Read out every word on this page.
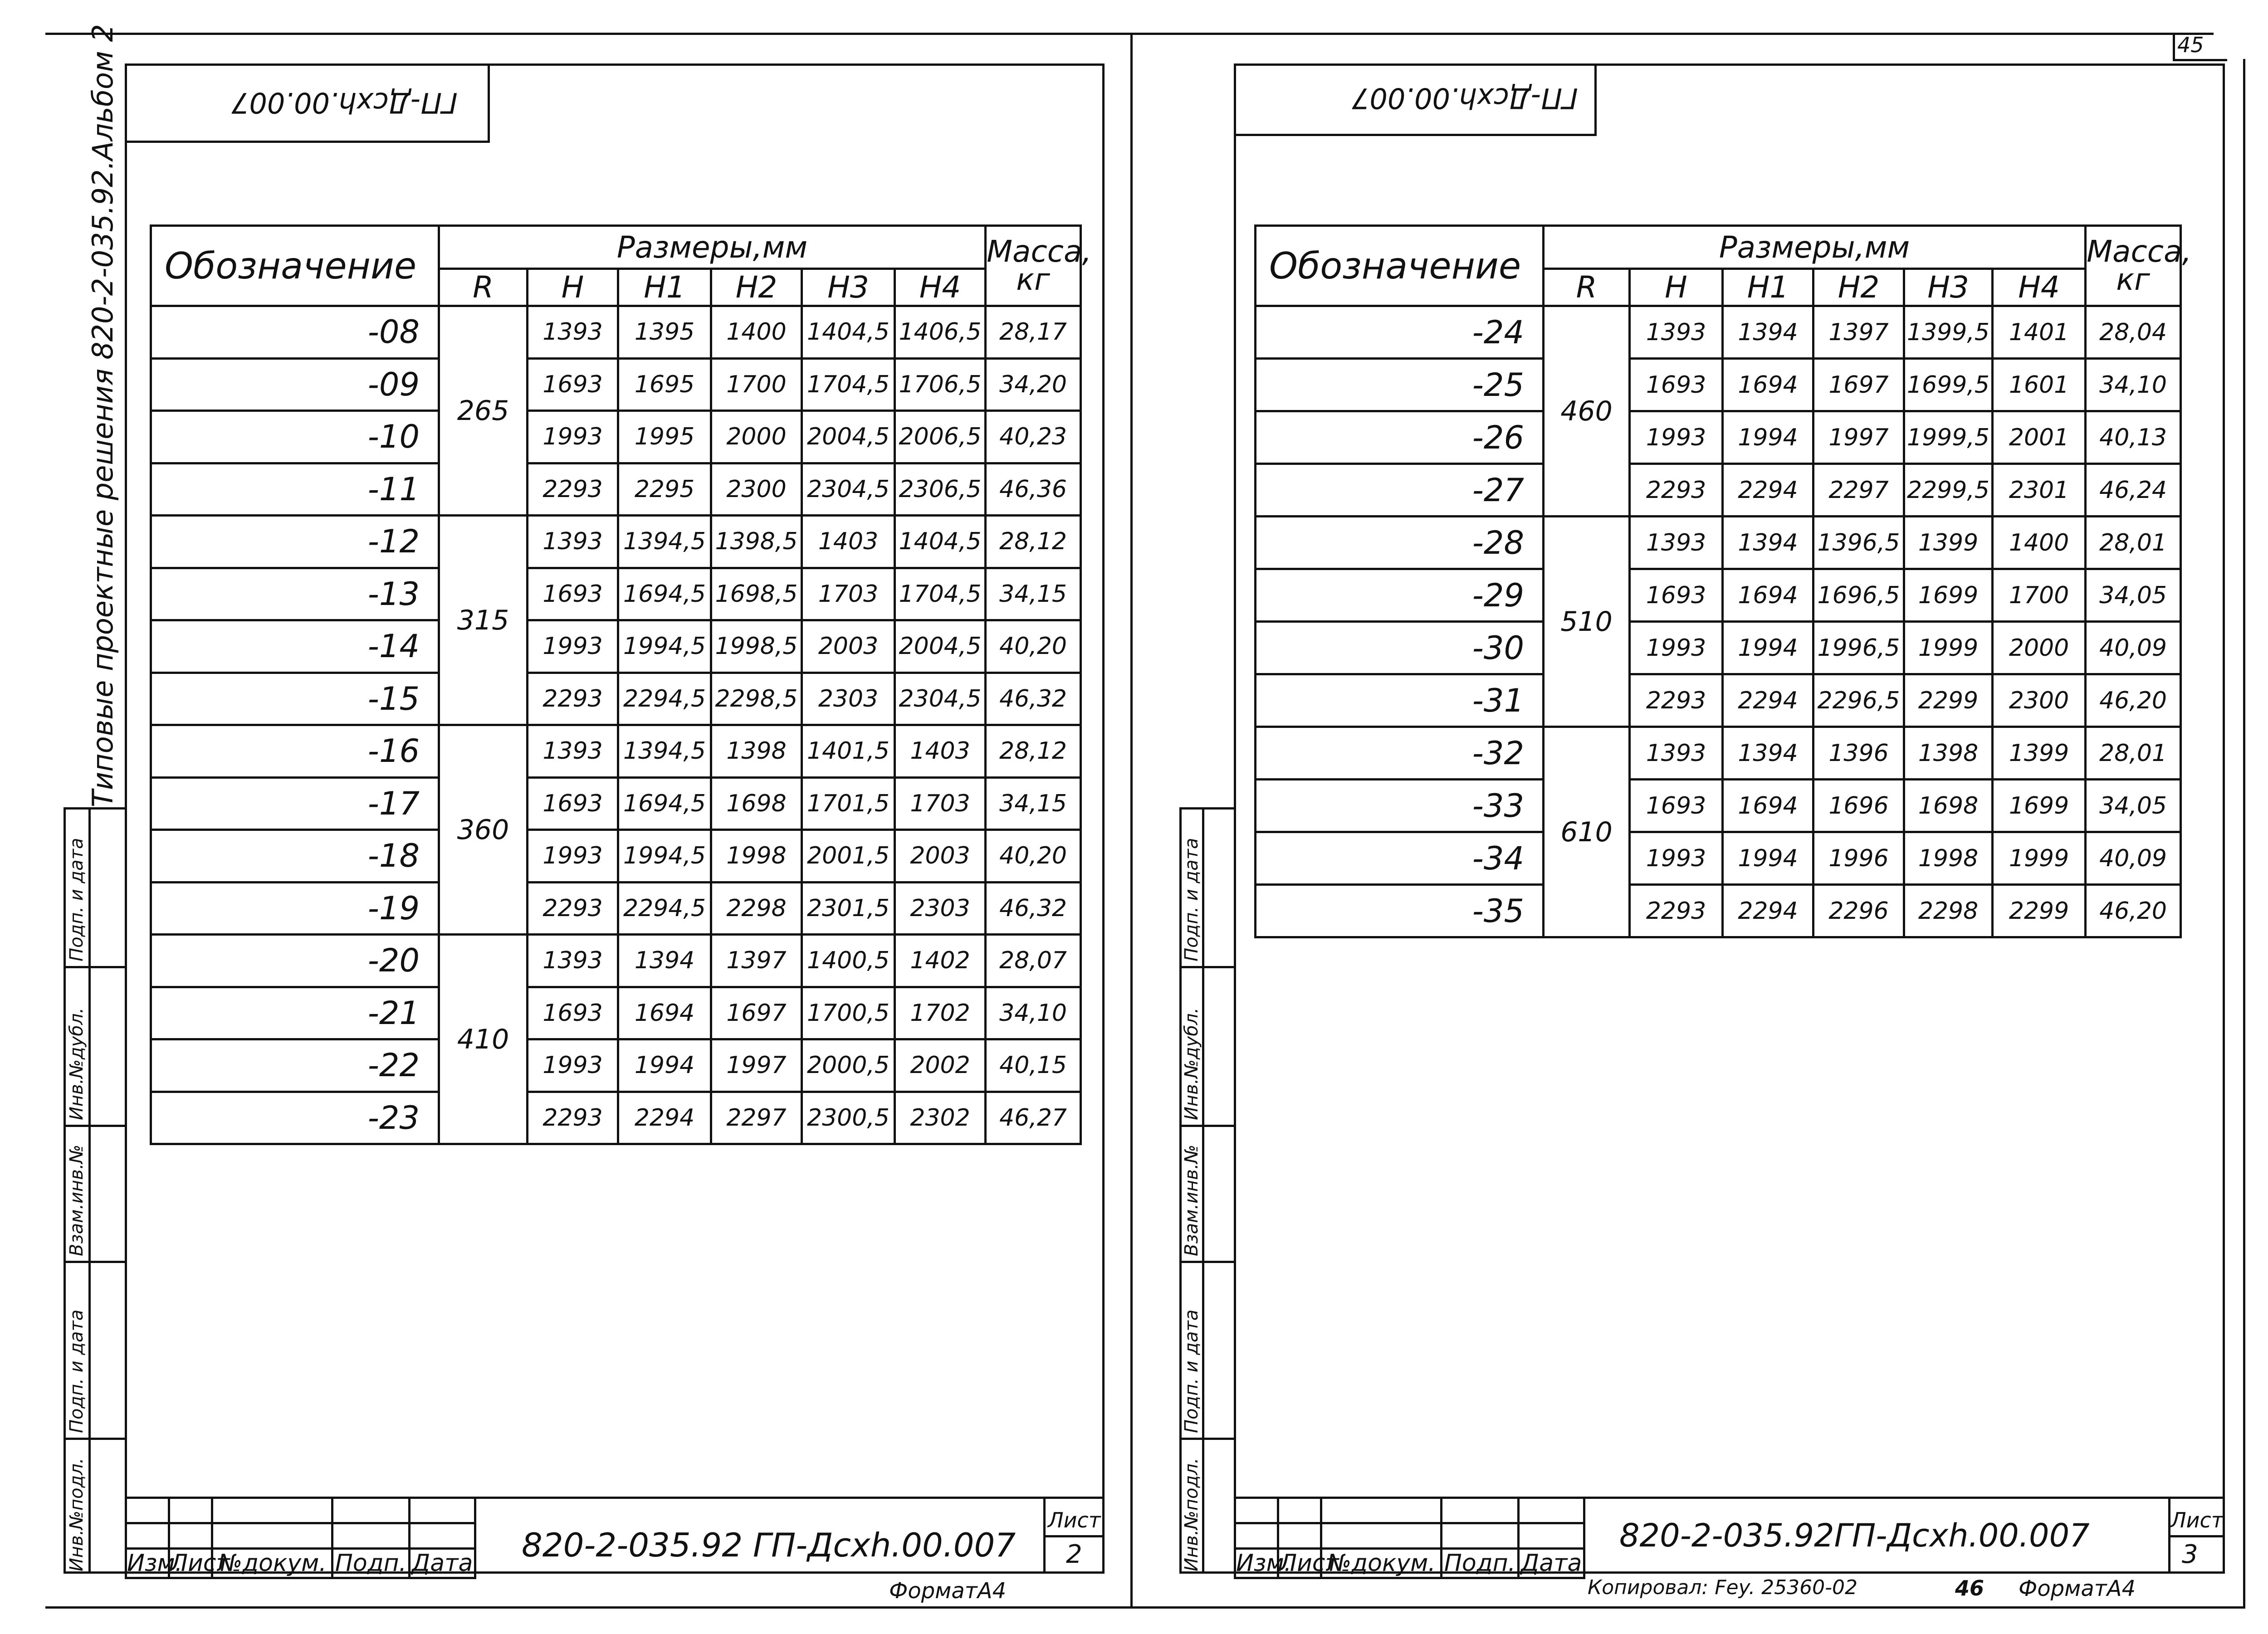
45
ГП-Дсхh.00.007
Типовые проектные решения 820-2-035.92.Альбом 2
Инв.№подл.
Подп. и дата
Взам.инв.№
Инв.№дубл.
Подп. и дата
Обозначение	Размеры,мм						Масса, кг
	R	H	H1	H2	H3	H4	
-08	265	1393	1395	1400	1404,5	1406,5	28,17
-09		1693	1695	1700	1704,5	1706,5	34,20
-10		1993	1995	2000	2004,5	2006,5	40,23
-11		2293	2295	2300	2304,5	2306,5	46,36
-12	315	1393	1394,5	1398,5	1403	1404,5	28,12
-13		1693	1694,5	1698,5	1703	1704,5	34,15
-14		1993	1994,5	1998,5	2003	2004,5	40,20
-15		2293	2294,5	2298,5	2303	2304,5	46,32
-16	360	1393	1394,5	1398	1401,5	1403	28,12
-17		1693	1694,5	1698	1701,5	1703	34,15
-18		1993	1994,5	1998	2001,5	2003	40,20
-19		2293	2294,5	2298	2301,5	2303	46,32
-20	410	1393	1394	1397	1400,5	1402	28,07
-21		1693	1694	1697	1700,5	1702	34,10
-22		1993	1994	1997	2000,5	2002	40,15
-23		2293	2294	2297	2300,5	2302	46,27

Изм.	Лист	№докум.	Подп.	Дата 820-2-035.92 ГП-Дсхh.00.007
Лист
2
ФорматА4
ГП-Дсхh.00.007
Инв.№подл.
Подп. и дата
Взам.инв.№
Инв.№дубл.
Подп. и дата
Обозначение	Размеры,мм						Масса, кг
	R	H	H1	H2	H3	H4	
-24	460	1393	1394	1397	1399,5	1401	28,04
-25		1693	1694	1697	1699,5	1601	34,10
-26		1993	1994	1997	1999,5	2001	40,13
-27		2293	2294	2297	2299,5	2301	46,24
-28	510	1393	1394	1396,5	1399	1400	28,01
-29		1693	1694	1696,5	1699	1700	34,05
-30		1993	1994	1996,5	1999	2000	40,09
-31		2293	2294	2296,5	2299	2300	46,20
-32	610	1393	1394	1396	1398	1399	28,01
-33		1693	1694	1696	1698	1699	34,05
-34		1993	1994	1996	1998	1999	40,09
-35		2293	2294	2296	2298	2299	46,20

Изм.	Лист	№докум.	Подп.	Дата
820-2-035.92ГП-Дсхh.00.007	Лист
3
Копировал: Fey. 25360-02	46 ФорматА4
